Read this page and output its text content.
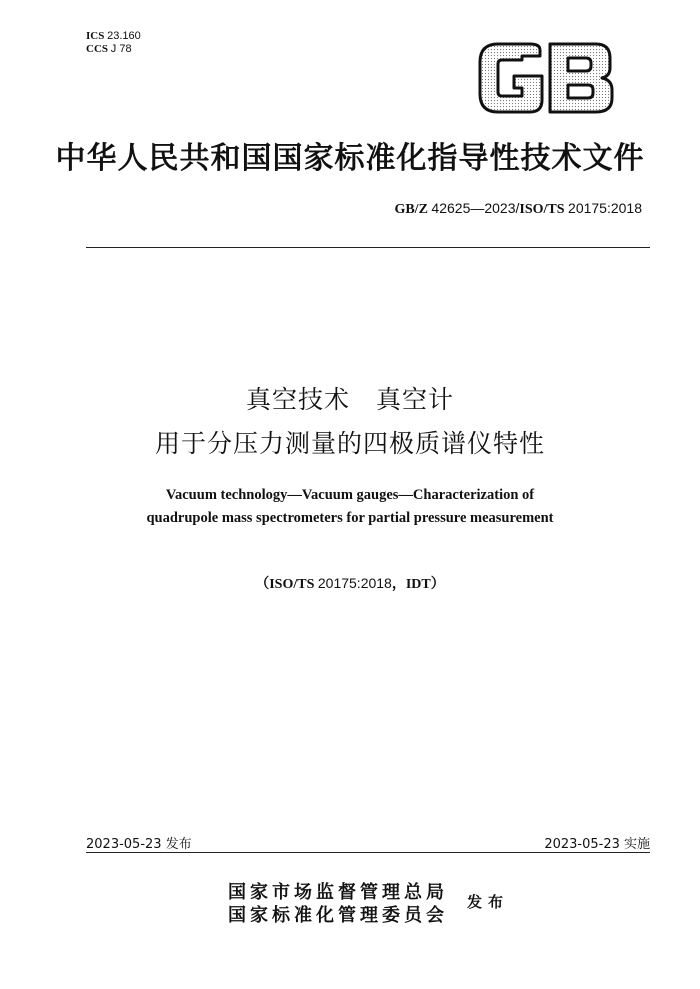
ICS 23.160
CCS J 78
中华人民共和国国家标准化指导性技术文件
GB/Z 42625—2023/ISO/TS 20175:2018
真空技术　真空计
用于分压力测量的四极质谱仪特性
Vacuum technology—Vacuum gauges—Characterization of
quadrupole mass spectrometers for partial pressure measurement
（ISO/TS 20175:2018，IDT）
2023-05-23 发布	2023-05-23 实施
国家市场监督管理总局
国家标准化管理委员会
发布
